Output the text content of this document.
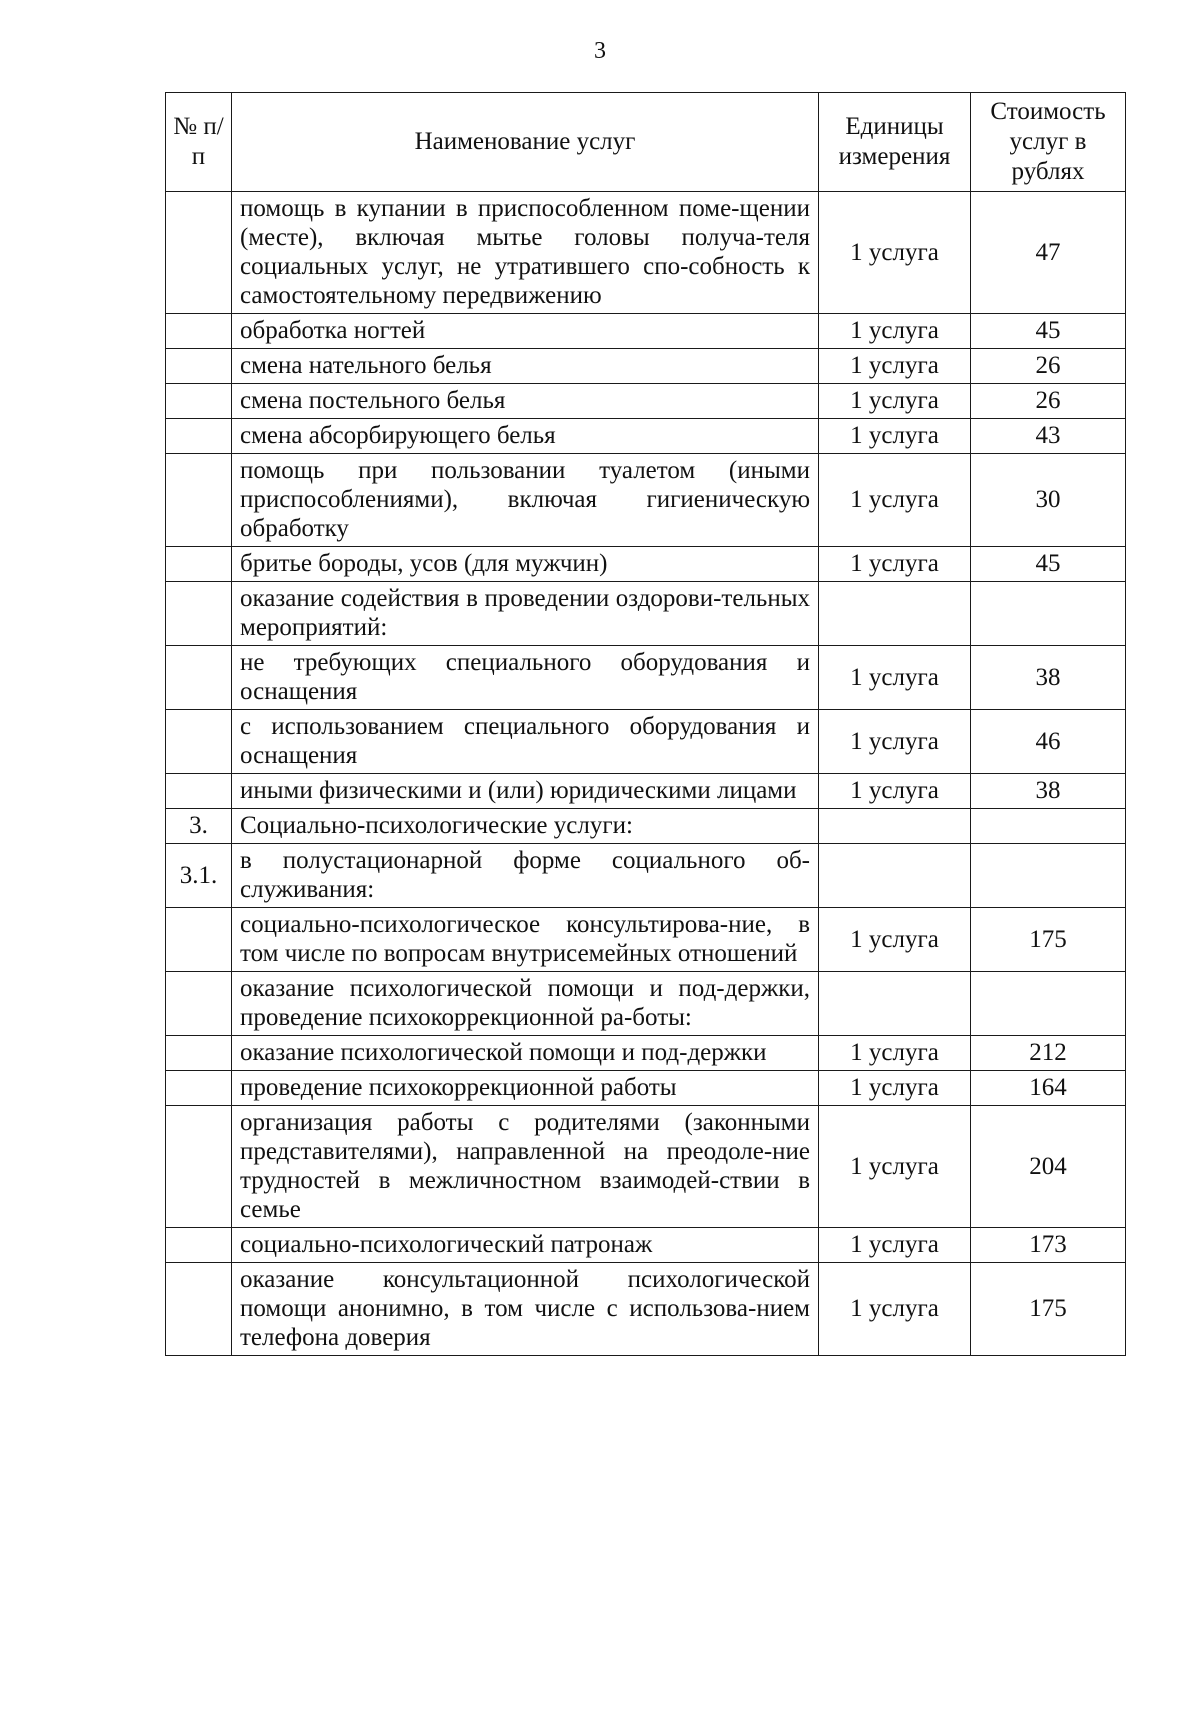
3
№ п/п	Наименование услуг	Единицы измерения	Стоимость услуг в рублях
	помощь в купании в приспособленном поме-щении (месте), включая мытье головы получа-теля социальных услуг, не утратившего спо-собность к самостоятельному передвижению	1 услуга	47
	обработка ногтей	1 услуга	45
	смена нательного белья	1 услуга	26
	смена постельного белья	1 услуга	26
	смена абсорбирующего белья	1 услуга	43
	помощь при пользовании туалетом (иными приспособлениями), включая гигиеническую обработку	1 услуга	30
	бритье бороды, усов (для мужчин)	1 услуга	45
	оказание содействия в проведении оздорови-тельных мероприятий:		
	не требующих специального оборудования и оснащения	1 услуга	38
	с использованием специального оборудования и оснащения	1 услуга	46
	иными физическими и (или) юридическими лицами	1 услуга	38
3.	Социально-психологические услуги:		
3.1.	в полустационарной форме социального об-служивания:		
	социально-психологическое консультирова-ние, в том числе по вопросам внутрисемейных отношений	1 услуга	175
	оказание психологической помощи и под-держки, проведение психокоррекционной ра-боты:		
	оказание психологической помощи и под-держки	1 услуга	212
	проведение психокоррекционной работы	1 услуга	164
	организация работы с родителями (законными представителями), направленной на преодоле-ние трудностей в межличностном взаимодей-ствии в семье	1 услуга	204
	социально-психологический патронаж	1 услуга	173
	оказание консультационной психологической помощи анонимно, в том числе с использова-нием телефона доверия	1 услуга	175
